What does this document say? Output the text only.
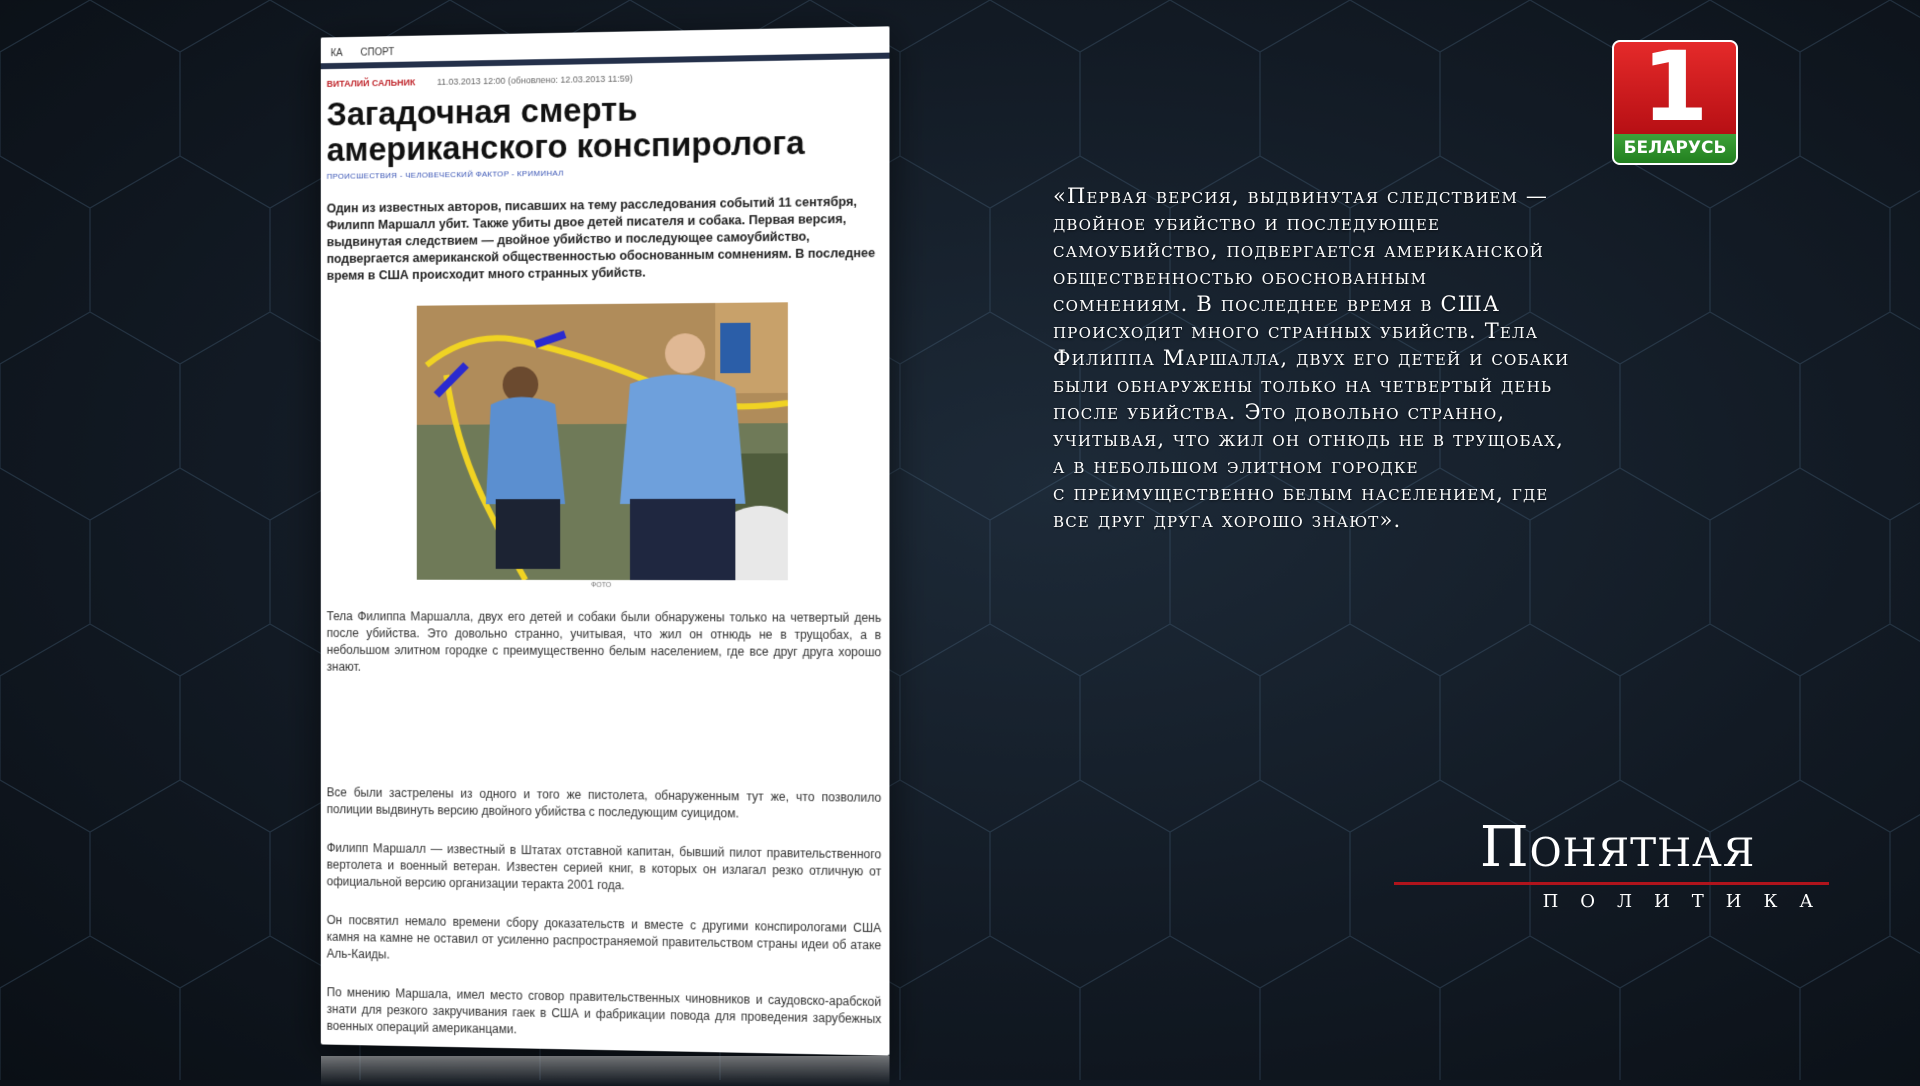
КА СПОРТ
ВИТАЛИЙ САЛЬНИК 11.03.2013 12:00 (обновлено: 12.03.2013 11:59)
Загадочная смерть американского конспиролога
ПРОИСШЕСТВИЯ - ЧЕЛОВЕЧЕСКИЙ ФАКТОР - КРИМИНАЛ
Один из известных авторов, писавших на тему расследования событий 11 сентября, Филипп Маршалл убит. Также убиты двое детей писателя и собака. Первая версия, выдвинутая следствием — двойное убийство и последующее самоубийство, подвергается американской общественностью обоснованным сомнениям. В последнее время в США происходит много странных убийств.
ФОТО
Тела Филиппа Маршалла, двух его детей и собаки были обнаружены только на четвертый день после убийства. Это довольно странно, учитывая, что жил он отнюдь не в трущобах, а в небольшом элитном городке с преимущественно белым населением, где все друг друга хорошо знают.
Все были застрелены из одного и того же пистолета, обнаруженным тут же, что позволило полиции выдвинуть версию двойного убийства с последующим суицидом.
Филипп Маршалл — известный в Штатах отставной капитан, бывший пилот правительственного вертолета и военный ветеран. Известен серией книг, в которых он излагал резко отличную от официальной версию организации теракта 2001 года.
Он посвятил немало времени сбору доказательств и вместе с другими конспирологами США камня на камне не оставил от усиленно распространяемой правительством страны идеи об атаке Аль-Каиды.
По мнению Маршала, имел место сговор правительственных чиновников и саудовско-арабской знати для резкого закручивания гаек в США и фабрикации повода для проведения зарубежных военных операций американцами.
«Первая версия, выдвинутая следствием —
двойное убийство и последующее
самоубийство, подвергается американской
общественностью обоснованным
сомнениям. В последнее время в США
происходит много странных убийств. Тела
Филиппа Маршалла, двух его детей и собаки
были обнаружены только на четвертый день
после убийства. Это довольно странно,
учитывая, что жил он отнюдь не в трущобах,
а в небольшом элитном городке
с преимущественно белым населением, где
все друг друга хорошо знают».
1
БЕЛАРУСЬ
Понятная
ПОЛИТИКА
